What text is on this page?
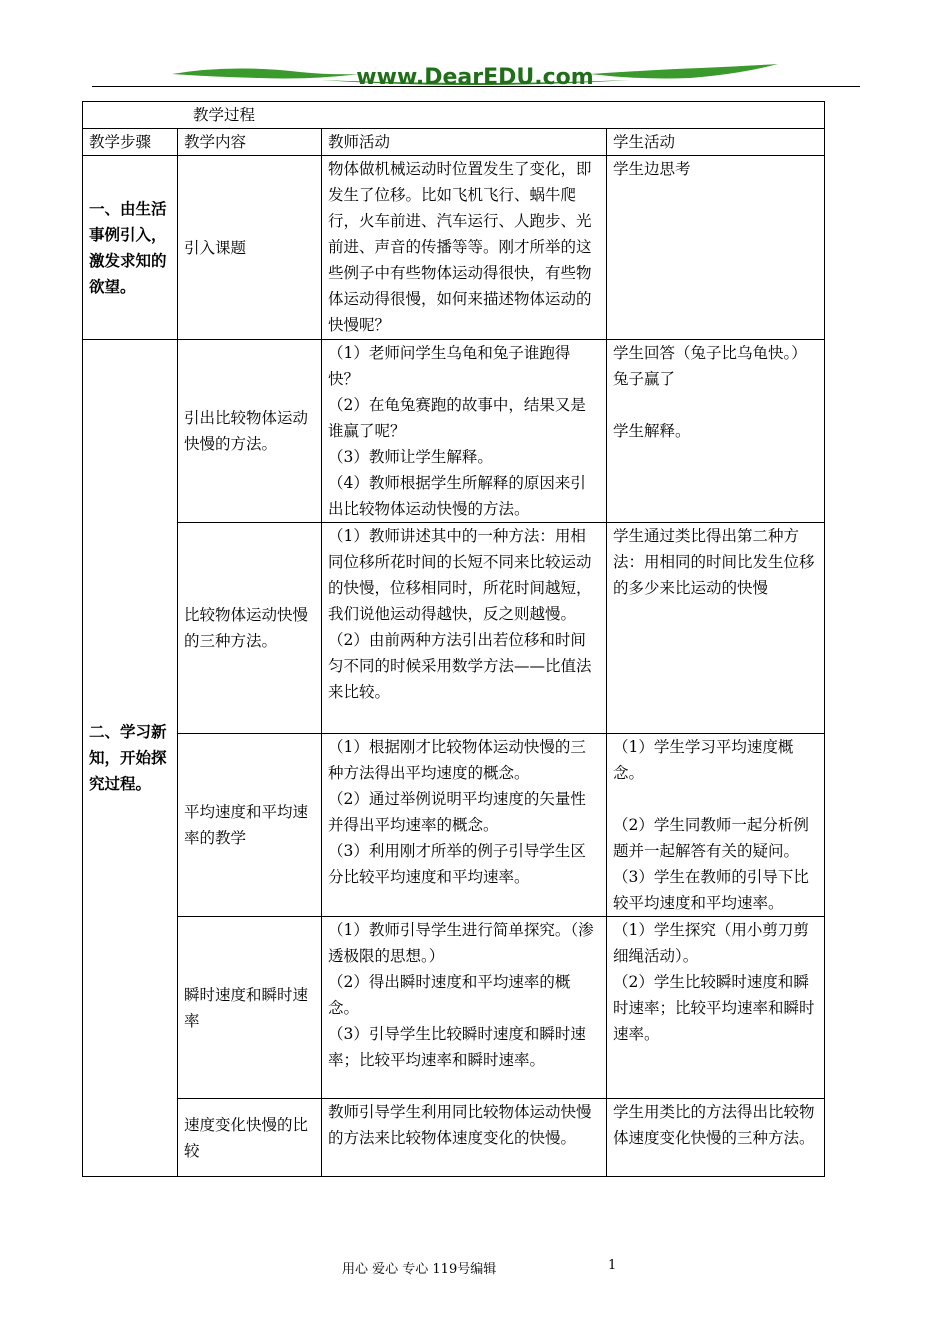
www.DearEDU.com
教学过程			
教学步骤	教学内容	教师活动	学生活动
一、由生活事例引入，激发求知的欲望。	引入课题	物体做机械运动时位置发生了变化，即发生了位移。比如飞机飞行、蜗牛爬行，火车前进、汽车运行、人跑步、光前进、声音的传播等等。刚才所举的这些例子中有些物体运动得很快，有些物体运动得很慢，如何来描述物体运动的快慢呢？	学生边思考

二、学习新知，开始探究过程。	引出比较物体运动快慢的方法。	（1）老师问学生乌龟和兔子谁跑得快？
（2）在龟兔赛跑的故事中，结果又是谁赢了呢？
（3）教师让学生解释。
（4）教师根据学生所解释的原因来引出比较物体运动快慢的方法。	学生回答（兔子比乌龟快。）兔子赢了
学生解释。

	比较物体运动快慢的三种方法。	（1）教师讲述其中的一种方法：用相同位移所花时间的长短不同来比较运动的快慢，位移相同时，所花时间越短，我们说他运动得越快，反之则越慢。
（2）由前两种方法引出若位移和时间匀不同的时候采用数学方法——比值法来比较。	学生通过类比得出第二种方法：用相同的时间比发生位移的多少来比运动的快慢

	平均速度和平均速率的教学	（1）根据刚才比较物体运动快慢的三种方法得出平均速度的概念。
（2）通过举例说明平均速度的矢量性并得出平均速率的概念。
（3）利用刚才所举的例子引导学生区分比较平均速度和平均速率。	（1）学生学习平均速度概念。
（2）学生同教师一起分析例题并一起解答有关的疑问。
（3）学生在教师的引导下比较平均速度和平均速率。

	瞬时速度和瞬时速率	（1）教师引导学生进行简单探究。（渗透极限的思想。）
（2）得出瞬时速度和平均速率的概念。
（3）引导学生比较瞬时速度和瞬时速率；比较平均速率和瞬时速率。	（1）学生探究（用小剪刀剪细绳活动）。
（2）学生比较瞬时速度和瞬时速率；比较平均速率和瞬时速率。

	速度变化快慢的比较	教师引导学生利用同比较物体运动快慢的方法来比较物体速度变化的快慢。	学生用类比的方法得出比较物体速度变化快慢的三种方法。
用心 爱心 专心 119号编辑	1
